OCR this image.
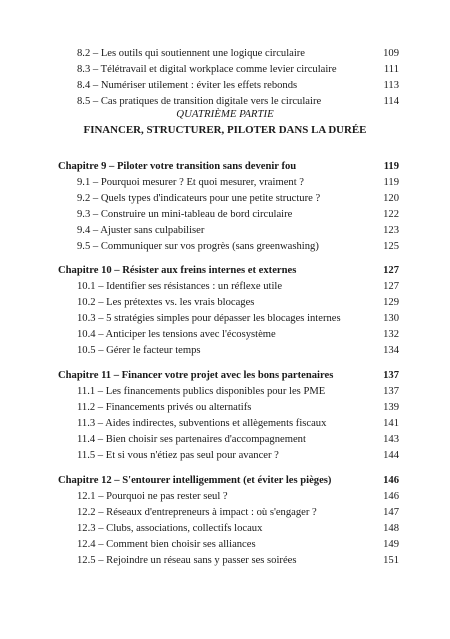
8.2 – Les outils qui soutiennent une logique circulaire	109
8.3 – Télétravail et digital workplace comme levier circulaire	111
8.4 – Numériser utilement : éviter les effets rebonds	113
8.5 – Cas pratiques de transition digitale vers le circulaire	114
QUATRIÈME PARTIE
FINANCER, STRUCTURER, PILOTER DANS LA DURÉE
Chapitre 9 – Piloter votre transition sans devenir fou	119
9.1 – Pourquoi mesurer ? Et quoi mesurer, vraiment ?	119
9.2 – Quels types d'indicateurs pour une petite structure ?	120
9.3 – Construire un mini-tableau de bord circulaire	122
9.4 – Ajuster sans culpabiliser	123
9.5 – Communiquer sur vos progrès (sans greenwashing)	125
Chapitre 10 – Résister aux freins internes et externes	127
10.1 – Identifier ses résistances : un réflexe utile	127
10.2 – Les prétextes vs. les vrais blocages	129
10.3 – 5 stratégies simples pour dépasser les blocages internes	130
10.4 – Anticiper les tensions avec l'écosystème	132
10.5 – Gérer le facteur temps	134
Chapitre 11 – Financer votre projet avec les bons partenaires	137
11.1 – Les financements publics disponibles pour les PME	137
11.2 – Financements privés ou alternatifs	139
11.3 – Aides indirectes, subventions et allègements fiscaux	141
11.4 – Bien choisir ses partenaires d'accompagnement	143
11.5 – Et si vous n'étiez pas seul pour avancer ?	144
Chapitre 12 – S'entourer intelligemment (et éviter les pièges)	146
12.1 – Pourquoi ne pas rester seul ?	146
12.2 – Réseaux d'entrepreneurs à impact : où s'engager ?	147
12.3 – Clubs, associations, collectifs locaux	148
12.4 – Comment bien choisir ses alliances	149
12.5 – Rejoindre un réseau sans y passer ses soirées	151
